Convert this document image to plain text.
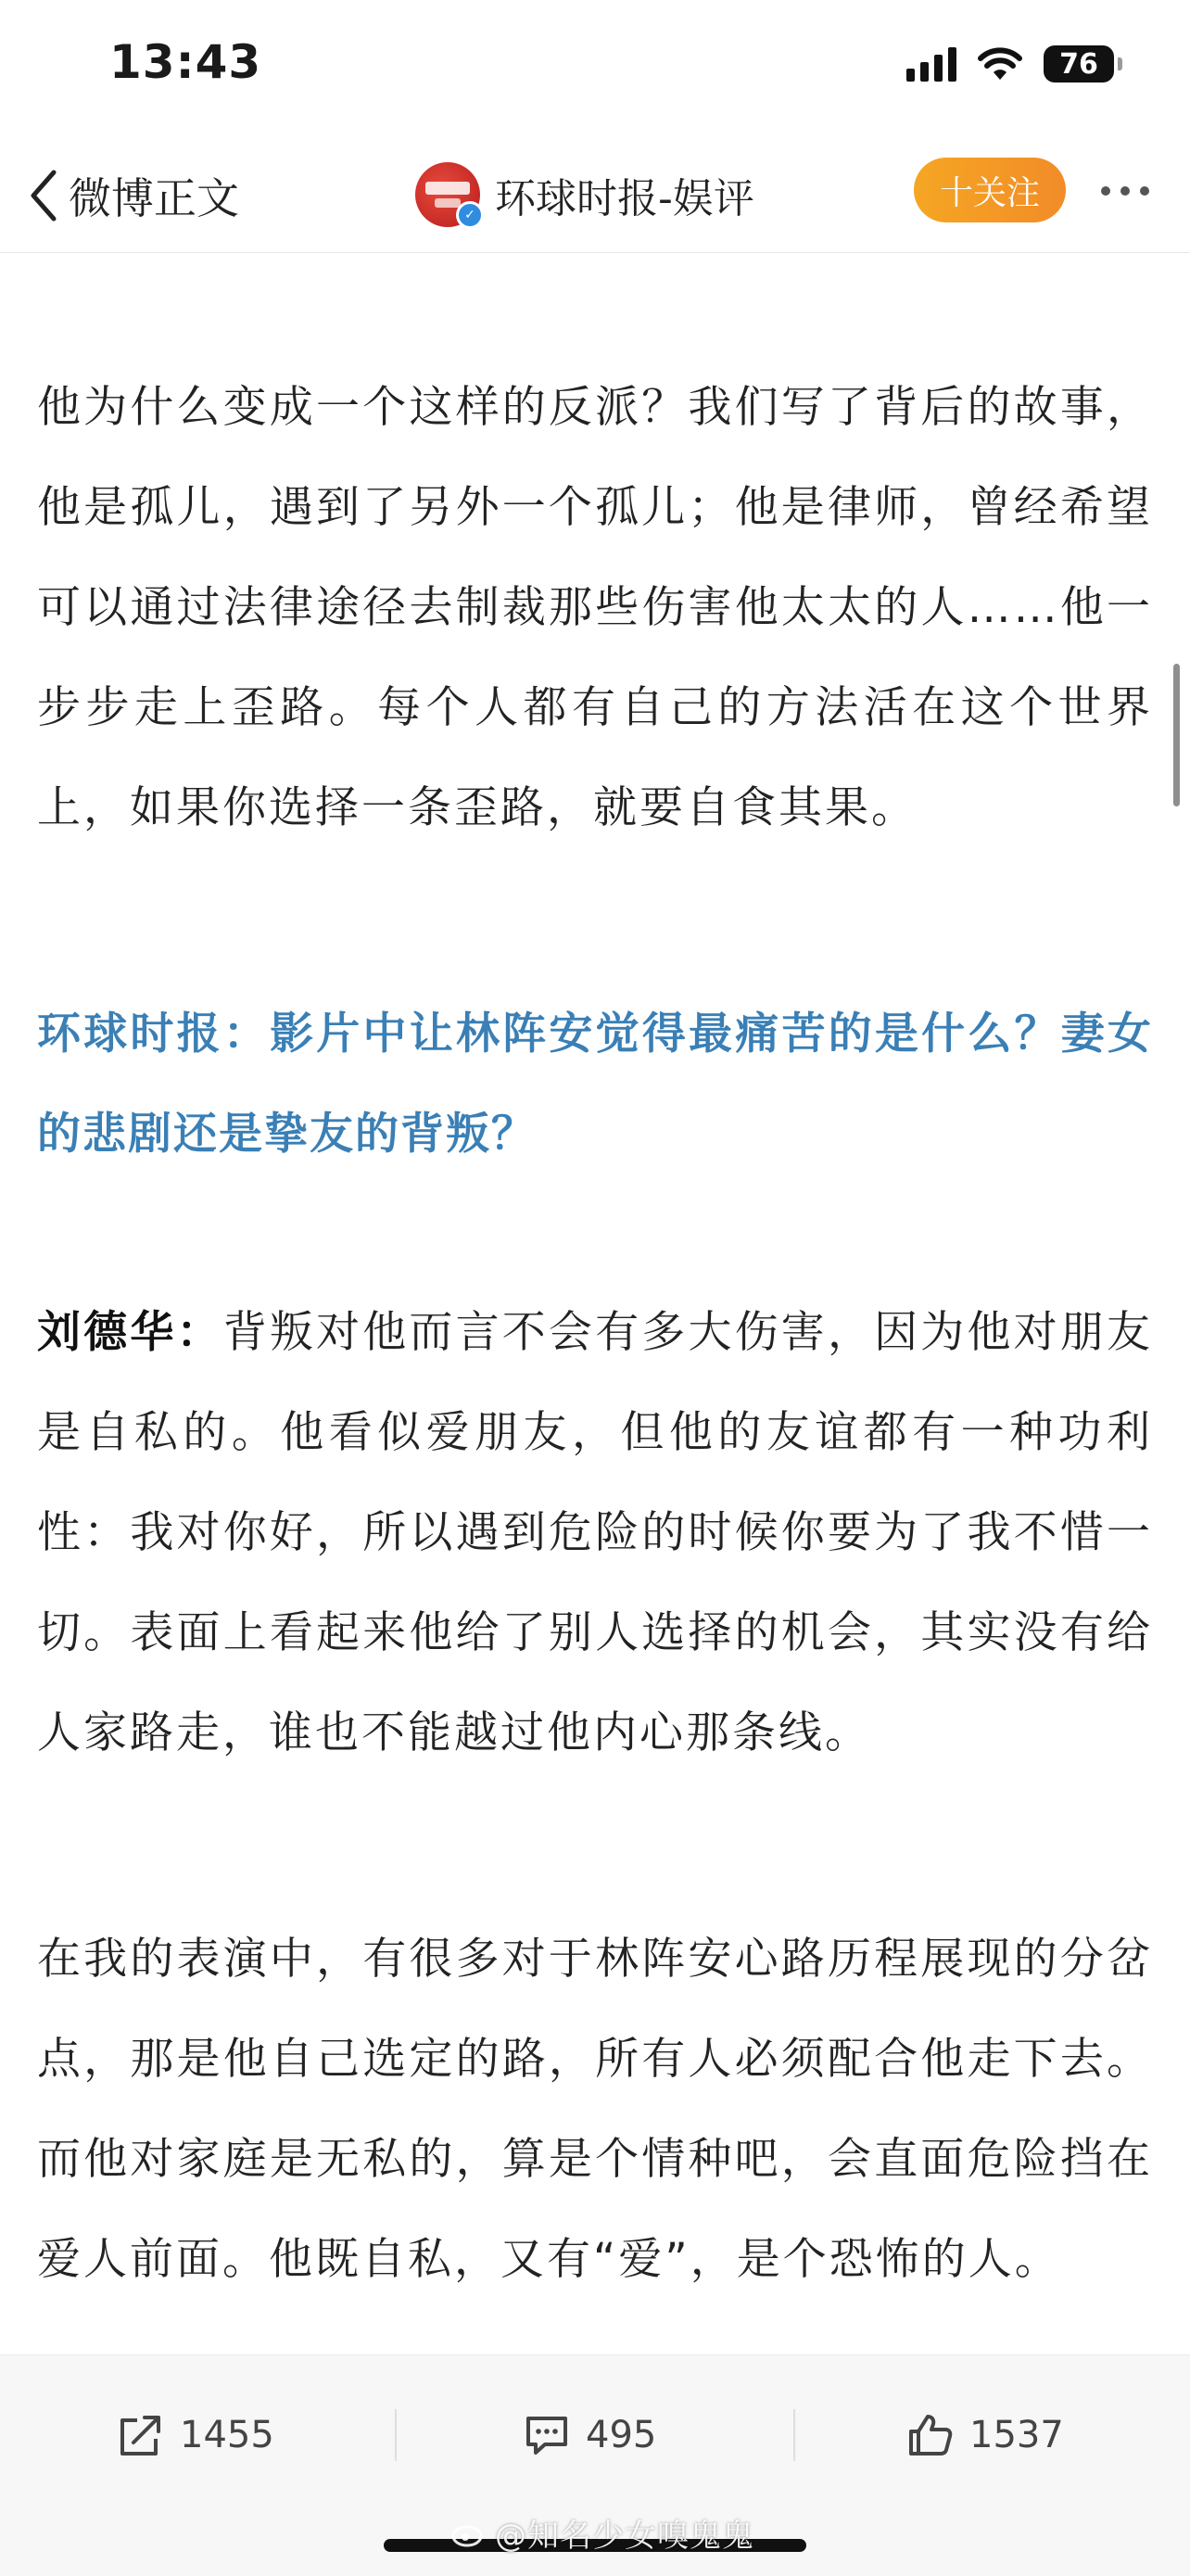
13:43	76
微博正文	✓ 环球时报-娱评	十关注

他为什么变成一个这样的反派？我们写了背后的故事，他是孤儿，遇到了另外一个孤儿；他是律师，曾经希望可以通过法律途径去制裁那些伤害他太太的人……他一步步走上歪路。每个人都有自己的方法活在这个世界上，如果你选择一条歪路，就要自食其果。

环球时报：影片中让林阵安觉得最痛苦的是什么？妻女的悲剧还是挚友的背叛？

刘德华：背叛对他而言不会有多大伤害，因为他对朋友是自私的。他看似爱朋友，但他的友谊都有一种功利性：我对你好，所以遇到危险的时候你要为了我不惜一切。表面上看起来他给了别人选择的机会，其实没有给人家路走，谁也不能越过他内心那条线。

在我的表演中，有很多对于林阵安心路历程展现的分岔点，那是他自己选定的路，所有人必须配合他走下去。而他对家庭是无私的，算是个情种吧，会直面危险挡在爱人前面。他既自私，又有“爱”，是个恐怖的人。

1455	495	1537
@知名少女嗅鬼鬼
